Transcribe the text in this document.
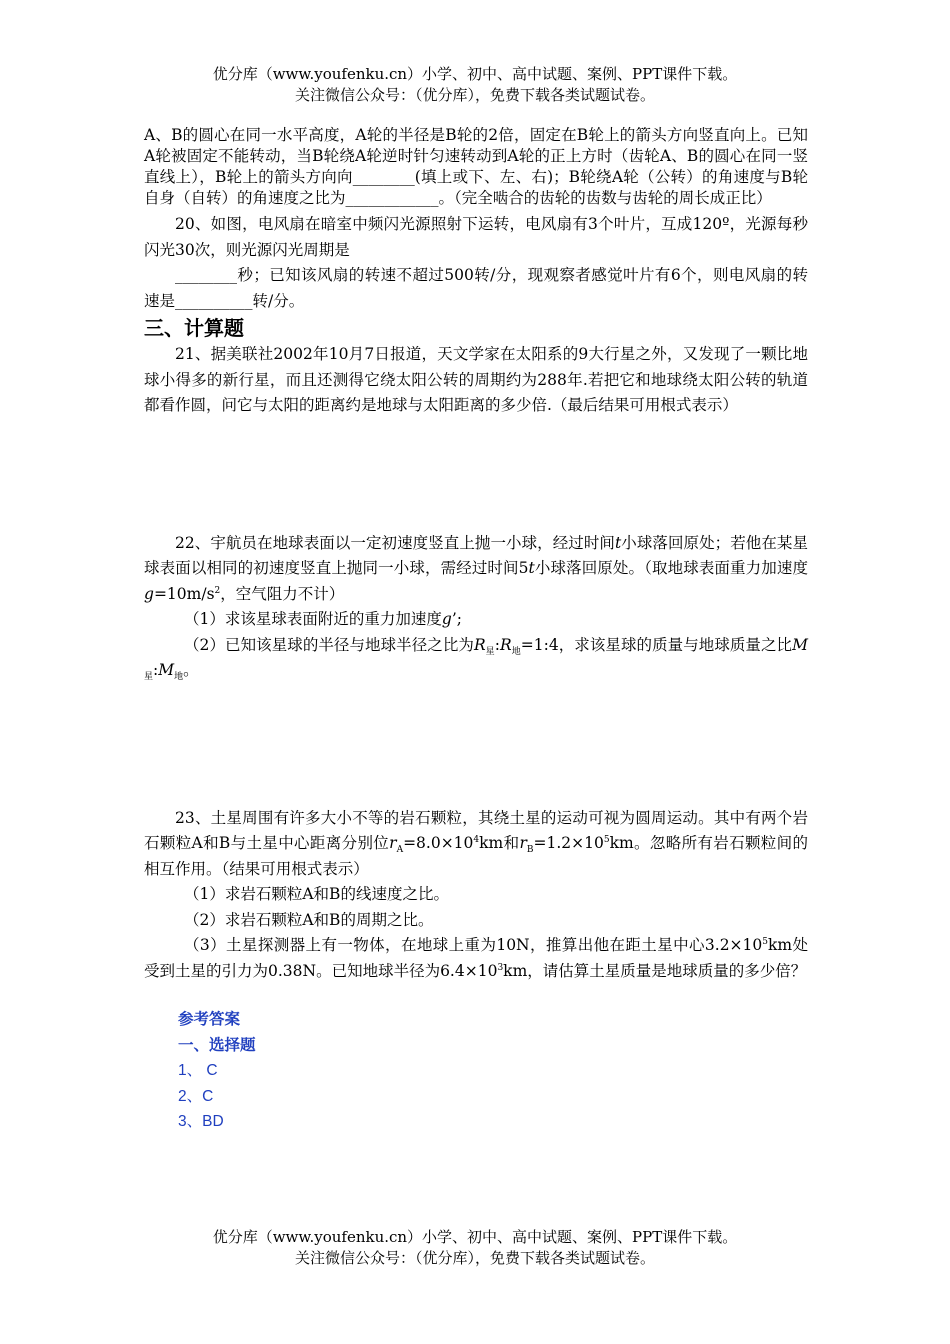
优分库（www.youfenku.cn）小学、初中、高中试题、案例、PPT课件下载。
关注微信公众号：（优分库），免费下载各类试题试卷。

A、B的圆心在同一水平高度，A轮的半径是B轮的2倍，固定在B轮上的箭头方向竖直向上。已知A轮被固定不能转动，当B轮绕A轮逆时针匀速转动到A轮的正上方时（齿轮A、B的圆心在同一竖直线上），B轮上的箭头方向向________(填上或下、左、右)；B轮绕A轮（公转）的角速度与B轮自身（自转）的角速度之比为____________。（完全啮合的齿轮的齿数与齿轮的周长成正比）

20、如图，电风扇在暗室中频闪光源照射下运转，电风扇有3个叶片，互成120º，光源每秒闪光30次，则光源闪光周期是

________秒；已知该风扇的转速不超过500转/分，现观察者感觉叶片有6个，则电风扇的转速是__________转/分。

三、计算题

21、据美联社2002年10月7日报道，天文学家在太阳系的9大行星之外，又发现了一颗比地球小得多的新行星，而且还测得它绕太阳公转的周期约为288年.若把它和地球绕太阳公转的轨道都看作圆，问它与太阳的距离约是地球与太阳距离的多少倍.（最后结果可用根式表示）

22、宇航员在地球表面以一定初速度竖直上抛一小球，经过时间t小球落回原处；若他在某星球表面以相同的初速度竖直上抛同一小球，需经过时间5t小球落回原处。（取地球表面重力加速度$g=10m/s^2$，空气阻力不计）

（1）求该星球表面附近的重力加速度g’;

（2）已知该星球的半径与地球半径之比为$R_星:R_地=1:4$，求该星球的质量与地球质量之比$M_星:M_地$。

23、土星周围有许多大小不等的岩石颗粒，其绕土星的运动可视为圆周运动。其中有两个岩石颗粒A和B与土星中心距离分别位$r_A=8.0\times 10^4km$和$r_B=1.2\times 10^5km$。忽略所有岩石颗粒间的相互作用。（结果可用根式表示）

（1）求岩石颗粒A和B的线速度之比。

（2）求岩石颗粒A和B的周期之比。

（3）土星探测器上有一物体，在地球上重为10N，推算出他在距土星中心$3.2\times 10^5km$处受到土星的引力为0.38N。已知地球半径为$6.4\times 10^3km$，请估算土星质量是地球质量的多少倍？

参考答案
一、选择题
1、 C
2、C
3、BD
优分库（www.youfenku.cn）小学、初中、高中试题、案例、PPT课件下载。
关注微信公众号：（优分库），免费下载各类试题试卷。
